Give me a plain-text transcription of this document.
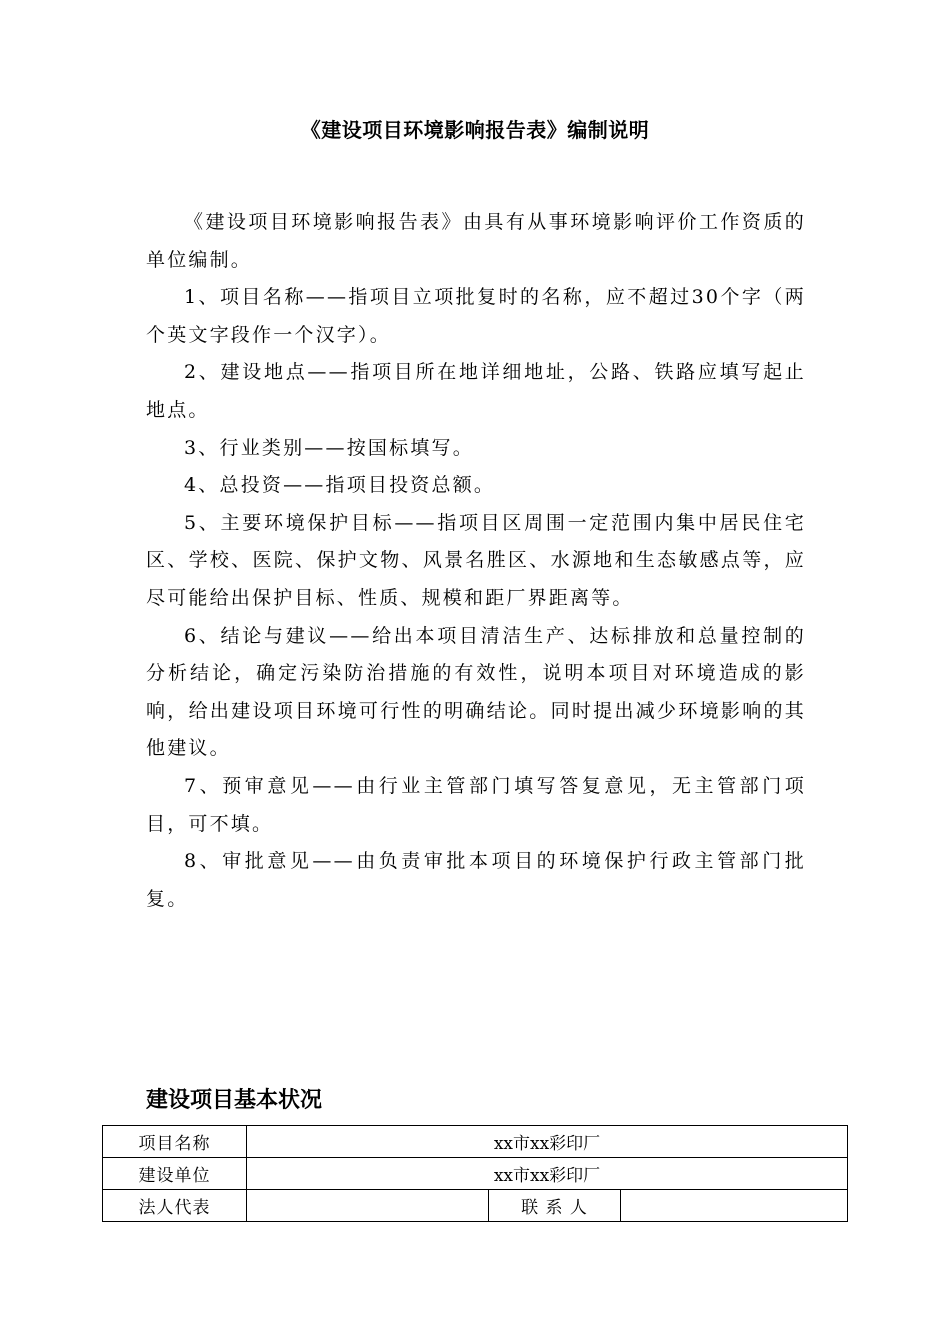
《建设项目环境影响报告表》编制说明

《建设项目环境影响报告表》由具有从事环境影响评价工作资质的单位编制。

1、项目名称——指项目立项批复时的名称，应不超过30个字（两个英文字段作一个汉字）。

2、建设地点——指项目所在地详细地址，公路、铁路应填写起止地点。

3、行业类别——按国标填写。

4、总投资——指项目投资总额。

5、主要环境保护目标——指项目区周围一定范围内集中居民住宅区、学校、医院、保护文物、风景名胜区、水源地和生态敏感点等，应尽可能给出保护目标、性质、规模和距厂界距离等。

6、结论与建议——给出本项目清洁生产、达标排放和总量控制的分析结论，确定污染防治措施的有效性，说明本项目对环境造成的影响，给出建设项目环境可行性的明确结论。同时提出减少环境影响的其他建议。

7、预审意见——由行业主管部门填写答复意见，无主管部门项目，可不填。

8、审批意见——由负责审批本项目的环境保护行政主管部门批复。

建设项目基本状况
项目名称	xx市xx彩印厂		
建设单位	xx市xx彩印厂		
法人代表		联 系 人	
